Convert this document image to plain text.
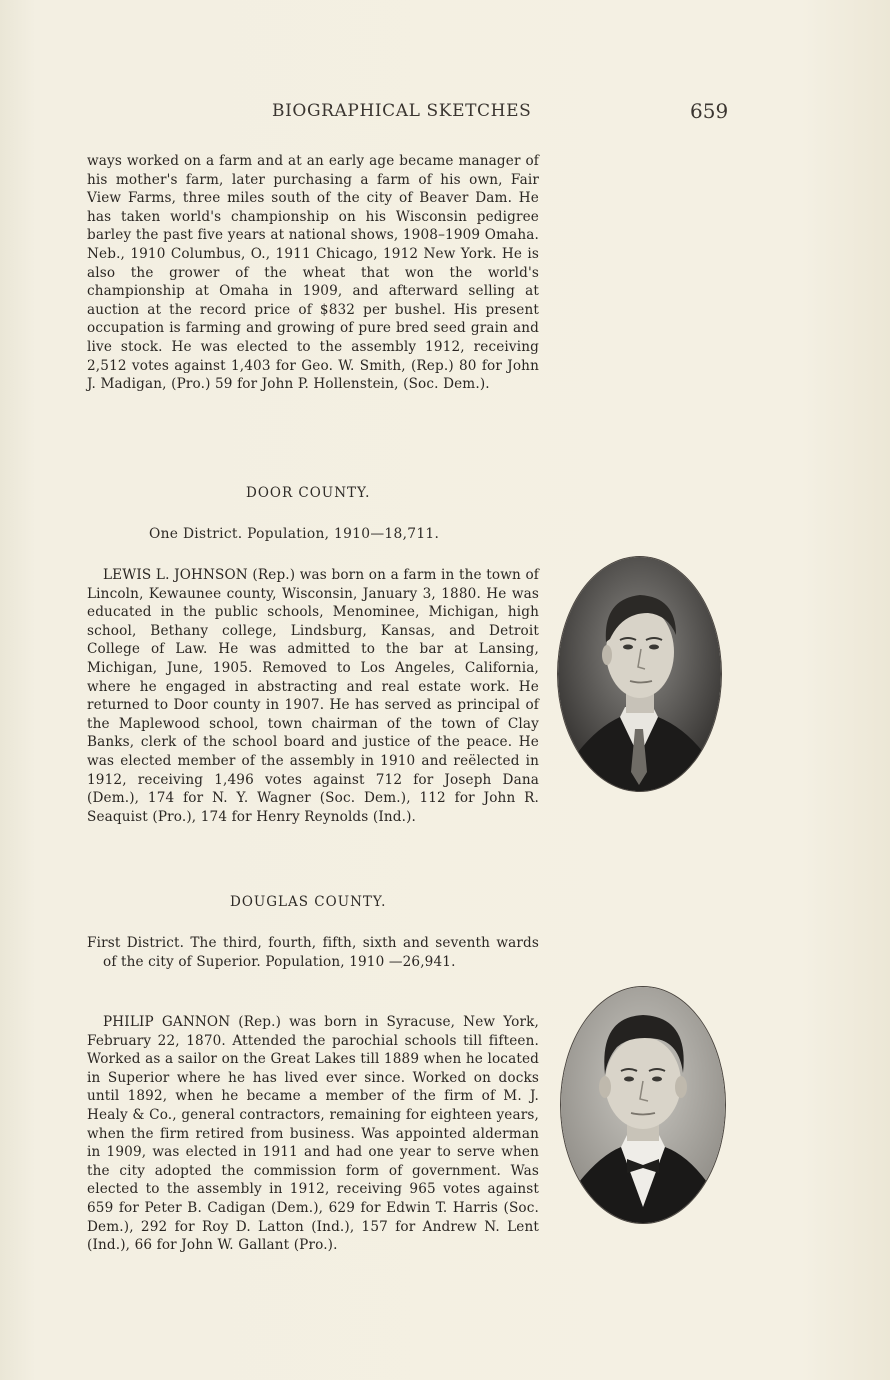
BIOGRAPHICAL SKETCHES	659

ways worked on a farm and at an early age became manager of his mother's farm, later purchasing a farm of his own, Fair View Farms, three miles south of the city of Beaver Dam. He has taken world's championship on his Wisconsin pedigree barley the past five years at national shows, 1908–1909 Omaha. Neb., 1910 Columbus, O., 1911 Chicago, 1912 New York. He is also the grower of the wheat that won the world's championship at Omaha in 1909, and afterward selling at auction at the record price of $832 per bushel. His present occupation is farming and growing of pure bred seed grain and live stock. He was elected to the assembly 1912, receiving 2,512 votes against 1,403 for Geo. W. Smith, (Rep.) 80 for John J. Madigan, (Pro.) 59 for John P. Hollenstein, (Soc. Dem.).

DOOR COUNTY.
One District. Population, 1910—18,711.

LEWIS L. JOHNSON (Rep.) was born on a farm in the town of Lincoln, Kewaunee county, Wisconsin, January 3, 1880. He was educated in the public schools, Menominee, Michigan, high school, Bethany college, Lindsburg, Kansas, and Detroit College of Law. He was admitted to the bar at Lansing, Michigan, June, 1905. Removed to Los Angeles, California, where he engaged in abstracting and real estate work. He returned to Door county in 1907. He has served as principal of the Maplewood school, town chairman of the town of Clay Banks, clerk of the school board and justice of the peace. He was elected member of the assembly in 1910 and reëlected in 1912, receiving 1,496 votes against 712 for Joseph Dana (Dem.), 174 for N. Y. Wagner (Soc. Dem.), 112 for John R. Seaquist (Pro.), 174 for Henry Reynolds (Ind.).

DOUGLAS COUNTY.

First District. The third, fourth, fifth, sixth and seventh wards of the city of Superior. Population, 1910 —26,941.

PHILIP GANNON (Rep.) was born in Syracuse, New York, February 22, 1870. Attended the parochial schools till fifteen. Worked as a sailor on the Great Lakes till 1889 when he located in Superior where he has lived ever since. Worked on docks until 1892, when he became a member of the firm of M. J. Healy & Co., general contractors, remaining for eighteen years, when the firm retired from business. Was appointed alderman in 1909, was elected in 1911 and had one year to serve when the city adopted the commission form of government. Was elected to the assembly in 1912, receiving 965 votes against 659 for Peter B. Cadigan (Dem.), 629 for Edwin T. Harris (Soc. Dem.), 292 for Roy D. Latton (Ind.), 157 for Andrew N. Lent (Ind.), 66 for John W. Gallant (Pro.).
